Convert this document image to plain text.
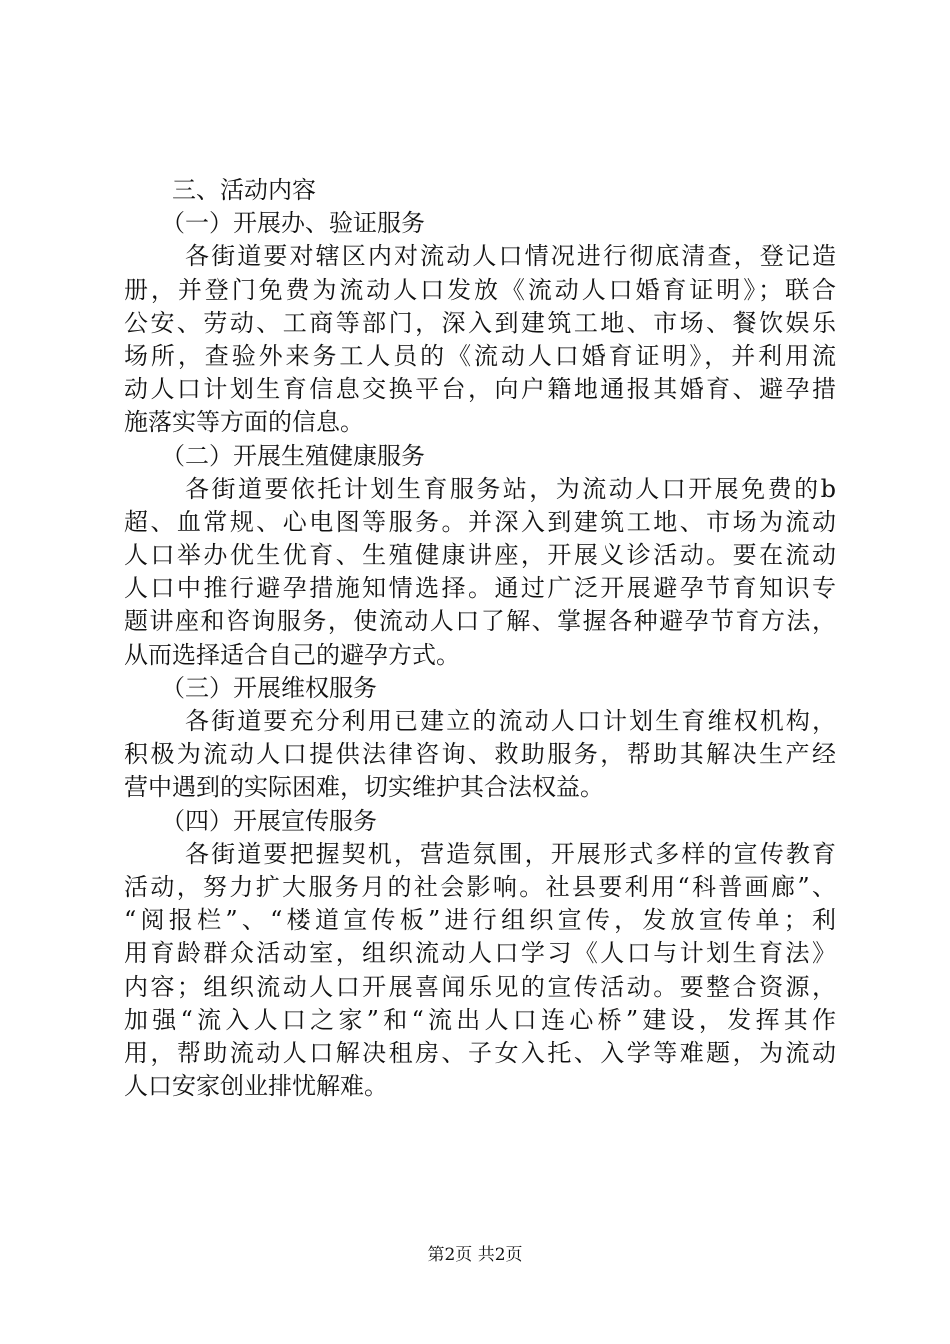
三、活动内容
（一）开展办、验证服务
各街道要对辖区内对流动人口情况进行彻底清查，登记造
册，并登门免费为流动人口发放《流动人口婚育证明》；联合
公安、劳动、工商等部门，深入到建筑工地、市场、餐饮娱乐
场所，查验外来务工人员的《流动人口婚育证明》，并利用流
动人口计划生育信息交换平台，向户籍地通报其婚育、避孕措
施落实等方面的信息。
（二）开展生殖健康服务
各街道要依托计划生育服务站，为流动人口开展免费的b
超、血常规、心电图等服务。并深入到建筑工地、市场为流动
人口举办优生优育、生殖健康讲座，开展义诊活动。要在流动
人口中推行避孕措施知情选择。通过广泛开展避孕节育知识专
题讲座和咨询服务，使流动人口了解、掌握各种避孕节育方法，
从而选择适合自己的避孕方式。
（三）开展维权服务
各街道要充分利用已建立的流动人口计划生育维权机构，
积极为流动人口提供法律咨询、救助服务，帮助其解决生产经
营中遇到的实际困难，切实维护其合法权益。
（四）开展宣传服务
各街道要把握契机，营造氛围，开展形式多样的宣传教育
活动，努力扩大服务月的社会影响。社县要利用“科普画廊”、
“阅报栏”、“楼道宣传板”进行组织宣传，发放宣传单；利
用育龄群众活动室，组织流动人口学习《人口与计划生育法》
内容；组织流动人口开展喜闻乐见的宣传活动。要整合资源，
加强“流入人口之家”和“流出人口连心桥”建设，发挥其作
用，帮助流动人口解决租房、子女入托、入学等难题，为流动
人口安家创业排忧解难。
第2页 共2页
